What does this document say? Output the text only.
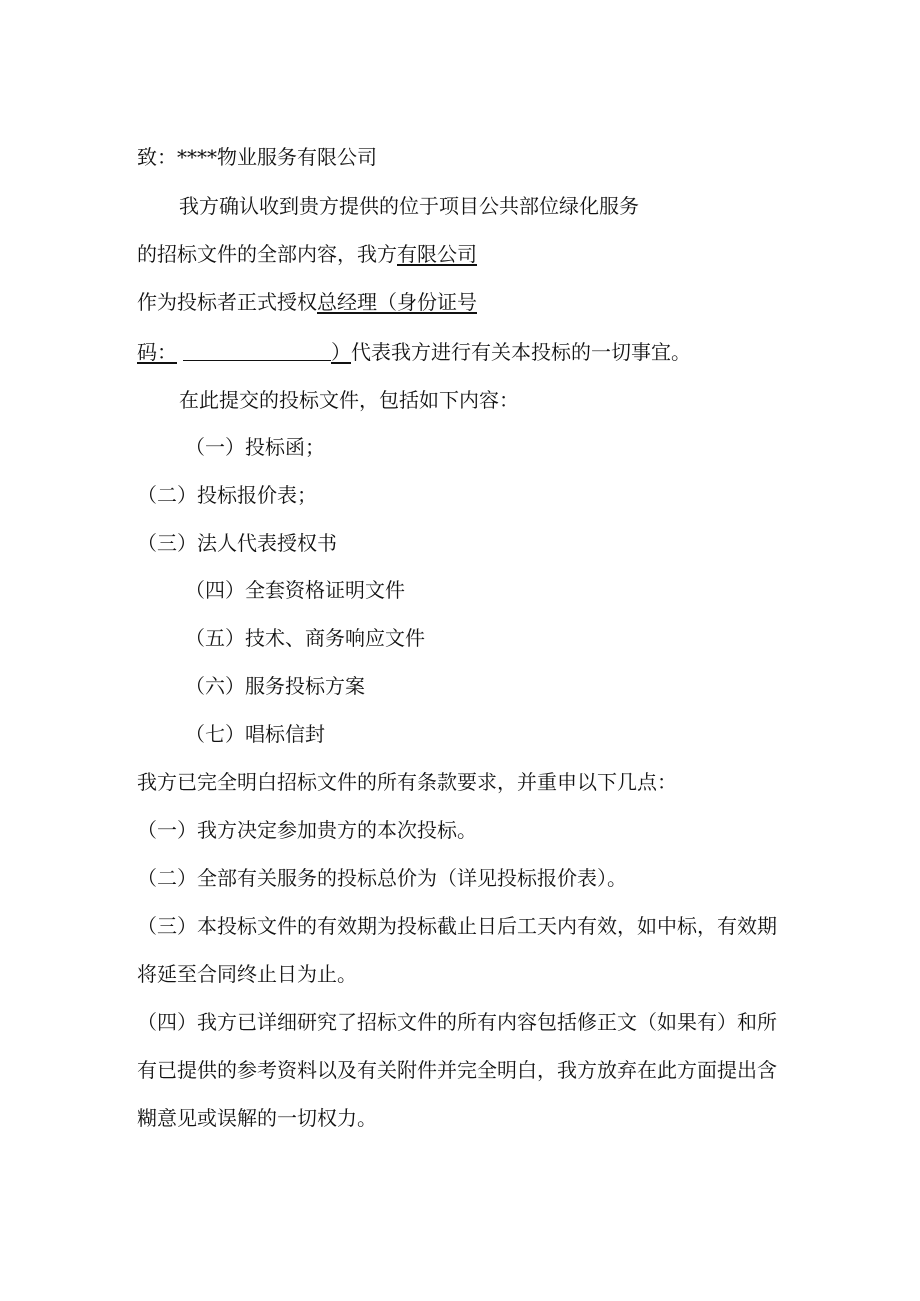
致：****物业服务有限公司
我方确认收到贵方提供的位于项目公共部位绿化服务
的招标文件的全部内容，我方有限公司
作为投标者正式授权总经理（身份证号
码：	）代表我方进行有关本投标的一切事宜。
在此提交的投标文件，包括如下内容：
（一）投标函；
（二）投标报价表；
（三）法人代表授权书
（四）全套资格证明文件
（五）技术、商务响应文件
（六）服务投标方案
（七）唱标信封
我方已完全明白招标文件的所有条款要求，并重申以下几点：
（一）我方决定参加贵方的本次投标。
（二）全部有关服务的投标总价为（详见投标报价表）。
（三）本投标文件的有效期为投标截止日后工天内有效，如中标，有效期
将延至合同终止日为止。
（四）我方已详细研究了招标文件的所有内容包括修正文（如果有）和所
有已提供的参考资料以及有关附件并完全明白，我方放弃在此方面提出含
糊意见或误解的一切权力。
